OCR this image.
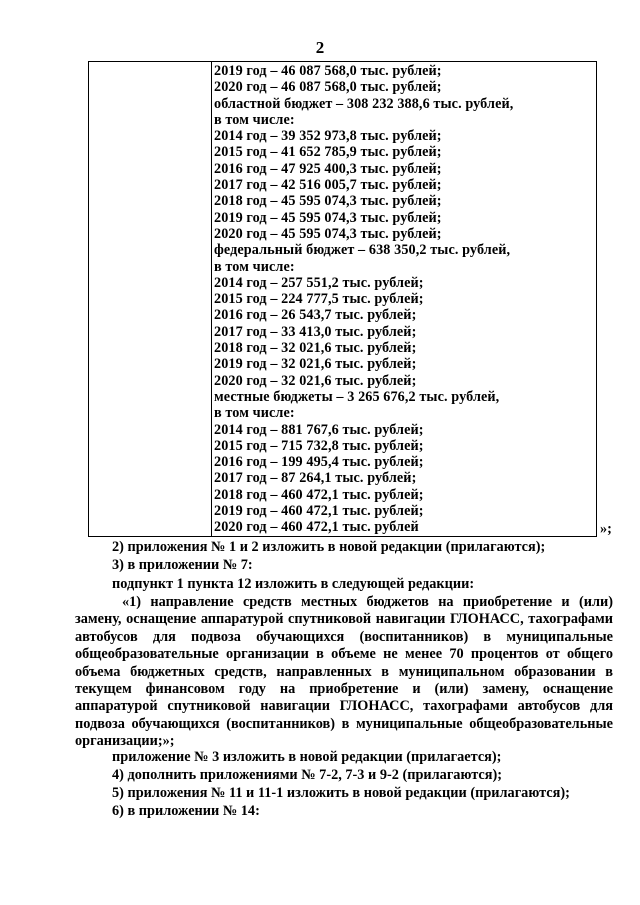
2
2019 год – 46 087 568,0 тыс. рублей;
2020 год – 46 087 568,0 тыс. рублей;
областной бюджет – 308 232 388,6 тыс. рублей,
в том числе:
2014 год – 39 352 973,8 тыс. рублей;
2015 год – 41 652 785,9 тыс. рублей;
2016 год – 47 925 400,3 тыс. рублей;
2017 год – 42 516 005,7 тыс. рублей;
2018 год – 45 595 074,3 тыс. рублей;
2019 год – 45 595 074,3 тыс. рублей;
2020 год – 45 595 074,3 тыс. рублей;
федеральный бюджет – 638 350,2 тыс. рублей,
в том числе:
2014 год – 257 551,2 тыс. рублей;
2015 год – 224 777,5 тыс. рублей;
2016 год – 26 543,7 тыс. рублей;
2017 год – 33 413,0 тыс. рублей;
2018 год – 32 021,6 тыс. рублей;
2019 год – 32 021,6 тыс. рублей;
2020 год – 32 021,6 тыс. рублей;
местные бюджеты – 3 265 676,2 тыс. рублей,
в том числе:
2014 год – 881 767,6 тыс. рублей;
2015 год – 715 732,8 тыс. рублей;
2016 год – 199 495,4 тыс. рублей;
2017 год – 87 264,1 тыс. рублей;
2018 год – 460 472,1 тыс. рублей;
2019 год – 460 472,1 тыс. рублей;
2020 год – 460 472,1 тыс. рублей	»;
2) приложения № 1 и 2 изложить в новой редакции (прилагаются);
3) в приложении № 7:
подпункт 1 пункта 12 изложить в следующей редакции:
«1) направление средств местных бюджетов на приобретение и (или) замену, оснащение аппаратурой спутниковой навигации ГЛОНАСС, тахографами автобусов для подвоза обучающихся (воспитанников) в муниципальные общеобразовательные организации в объеме не менее 70 процентов от общего объема бюджетных средств, направленных в муниципальном образовании в текущем финансовом году на приобретение и (или) замену, оснащение аппаратурой спутниковой навигации ГЛОНАСС, тахографами автобусов для подвоза обучающихся (воспитанников) в муниципальные общеобразовательные организации;»;
приложение № 3 изложить в новой редакции (прилагается);
4) дополнить приложениями № 7-2, 7-3 и 9-2 (прилагаются);
5) приложения № 11 и 11-1 изложить в новой редакции (прилагаются);
6) в приложении № 14:
